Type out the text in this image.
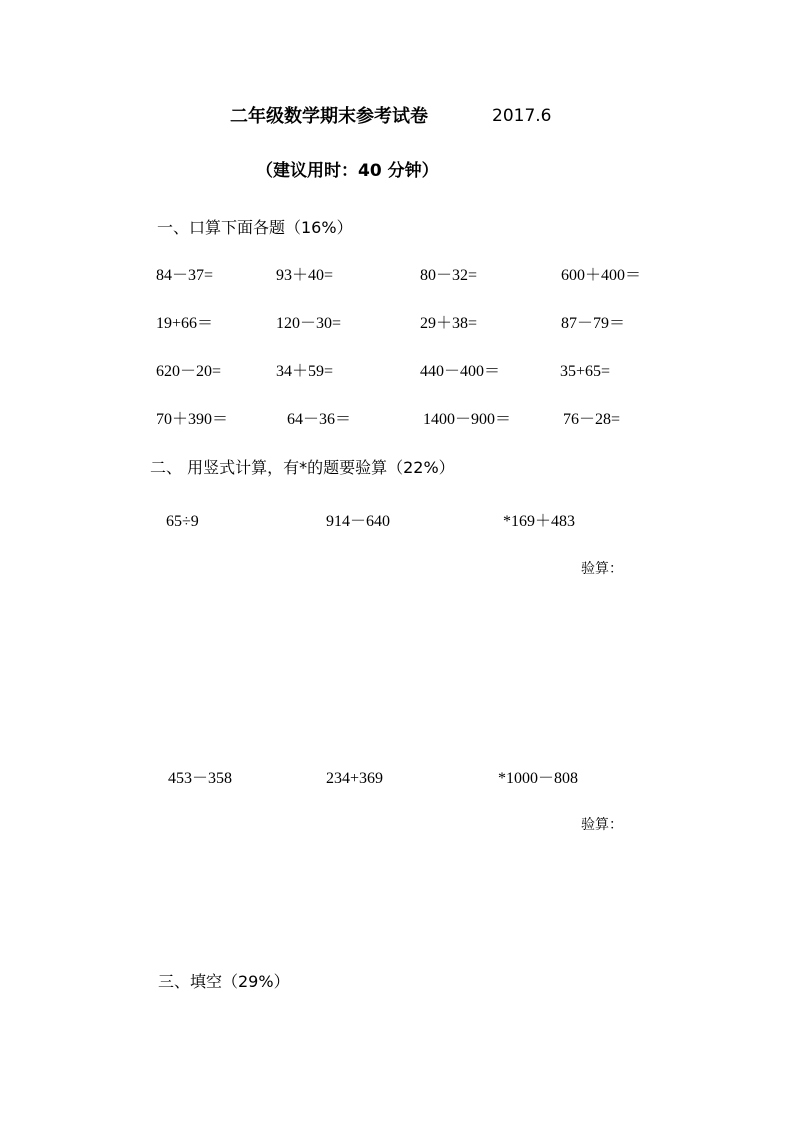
二年级数学期末参考试卷	2017.6
（建议用时：40 分钟）
一、口算下面各题（16%）
84－37=	93＋40=	80－32=	600＋400＝
19+66＝	120－30=	29＋38=	87－79＝
620－20=	34＋59=	440－400＝	35+65=
70＋390＝	64－36＝	1400－900＝	76－28=
二、 用竖式计算，有*的题要验算（22%）
65÷9	914－640	*169＋483
验算：
453－358	234+369	*1000－808
验算：
三、填空（29%）
